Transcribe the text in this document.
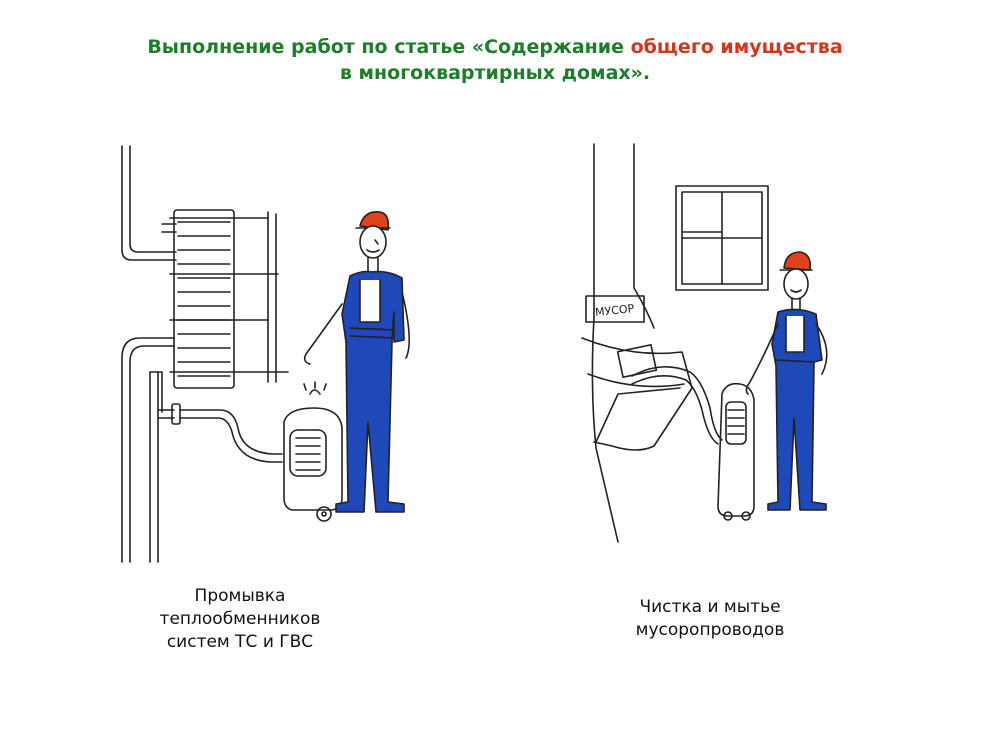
Выполнение работ по статье «Содержание общего имущества
в многоквартирных домах».
МУСОР
Промывка
теплообменников
систем ТС и ГВС
Чистка и мытье
мусоропроводов
